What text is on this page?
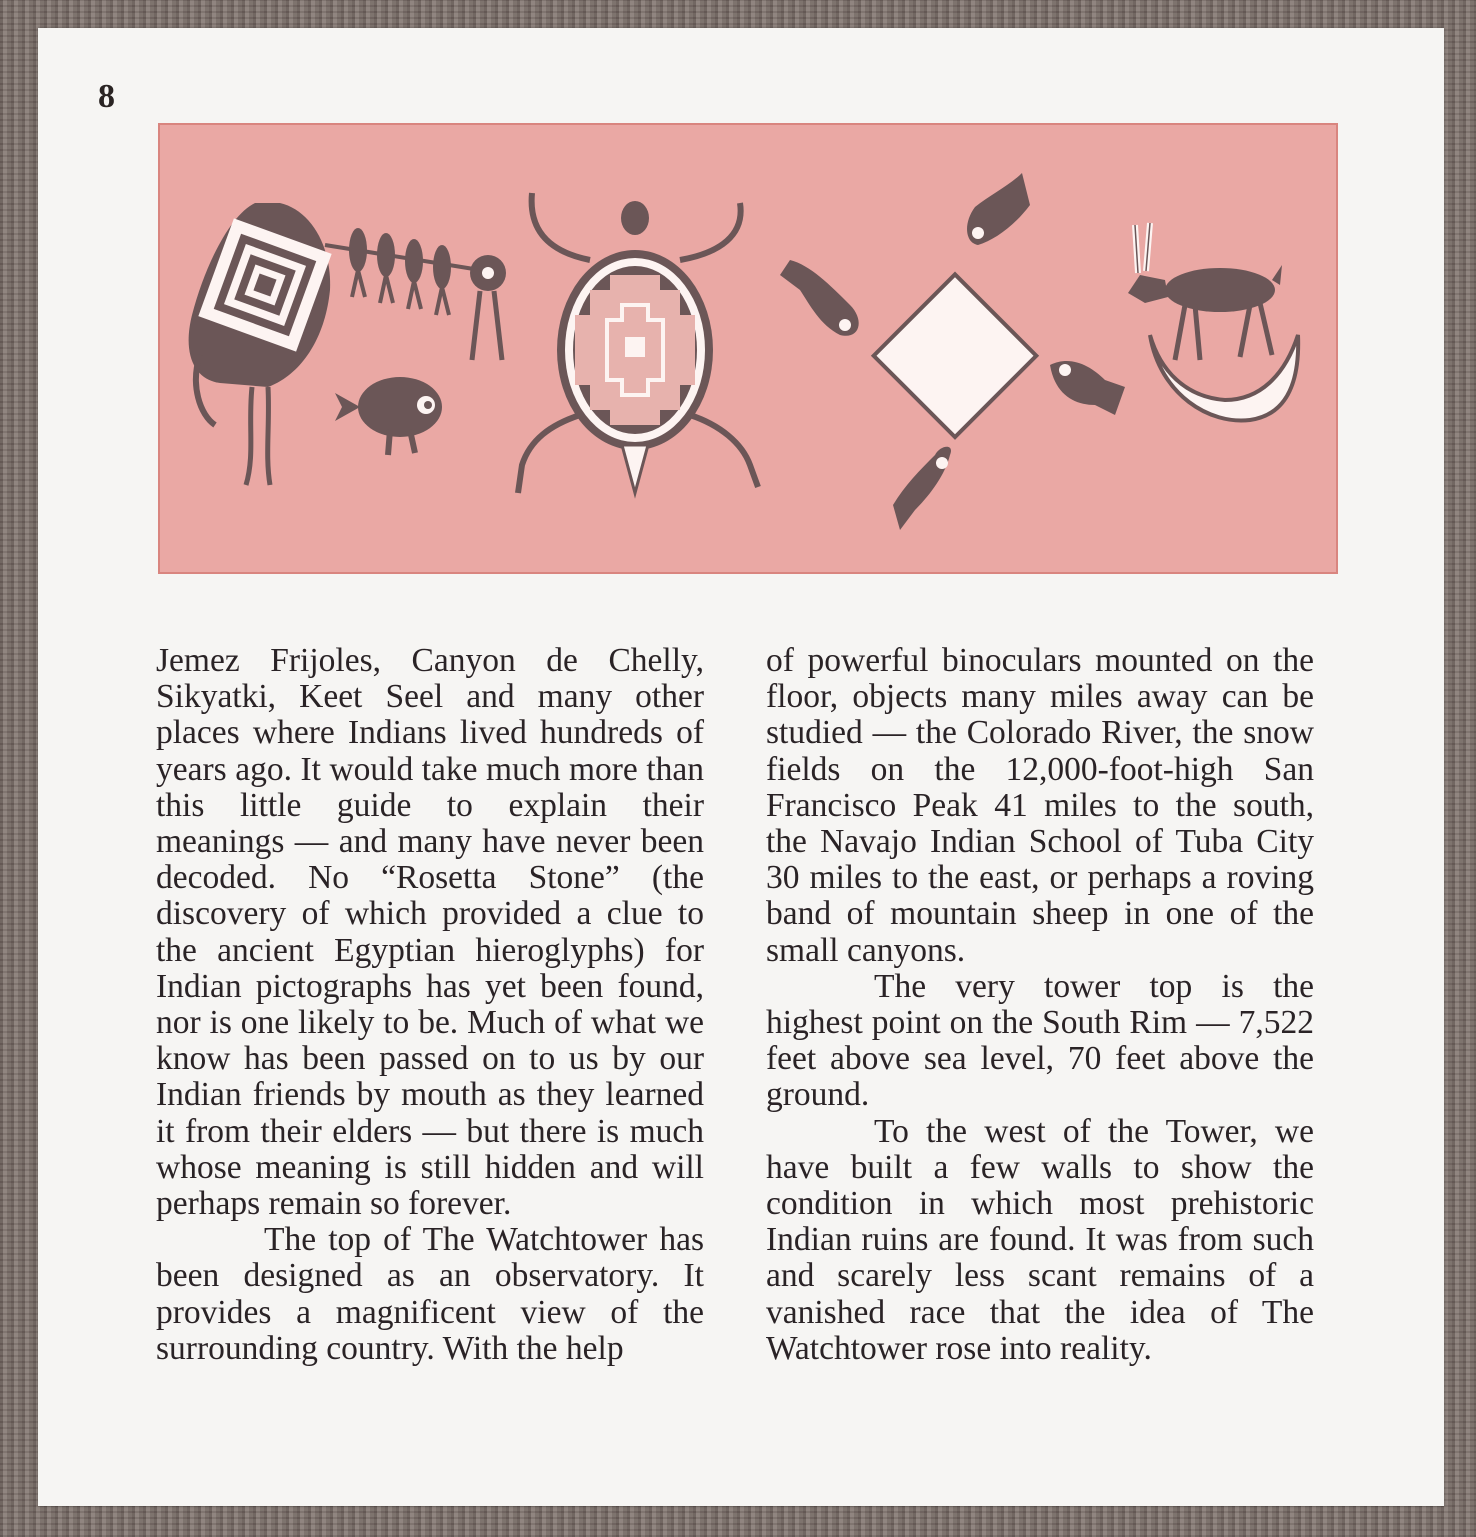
8

Jemez Frijoles, Canyon de Chelly, Sikyatki, Keet Seel and many other places where Indians lived hundreds of years ago. It would take much more than this little guide to explain their meanings — and many have never been decoded. No “Rosetta Stone” (the discovery of which provided a clue to the ancient Egyptian hieroglyphs) for Indian pictographs has yet been found, nor is one likely to be. Much of what we know has been passed on to us by our Indian friends by mouth as they learned it from their elders — but there is much whose meaning is still hidden and will perhaps remain so forever.

The top of The Watchtower has been designed as an observatory. It provides a magnificent view of the surrounding country. With the help

of powerful binoculars mounted on the floor, objects many miles away can be studied — the Colorado River, the snow fields on the 12,000-foot-high San Francisco Peak 41 miles to the south, the Navajo Indian School of Tuba City 30 miles to the east, or perhaps a roving band of mountain sheep in one of the small canyons.

The very tower top is the highest point on the South Rim — 7,522 feet above sea level, 70 feet above the ground.

To the west of the Tower, we have built a few walls to show the condition in which most prehistoric Indian ruins are found. It was from such and scarely less scant remains of a vanished race that the idea of The Watchtower rose into reality.
